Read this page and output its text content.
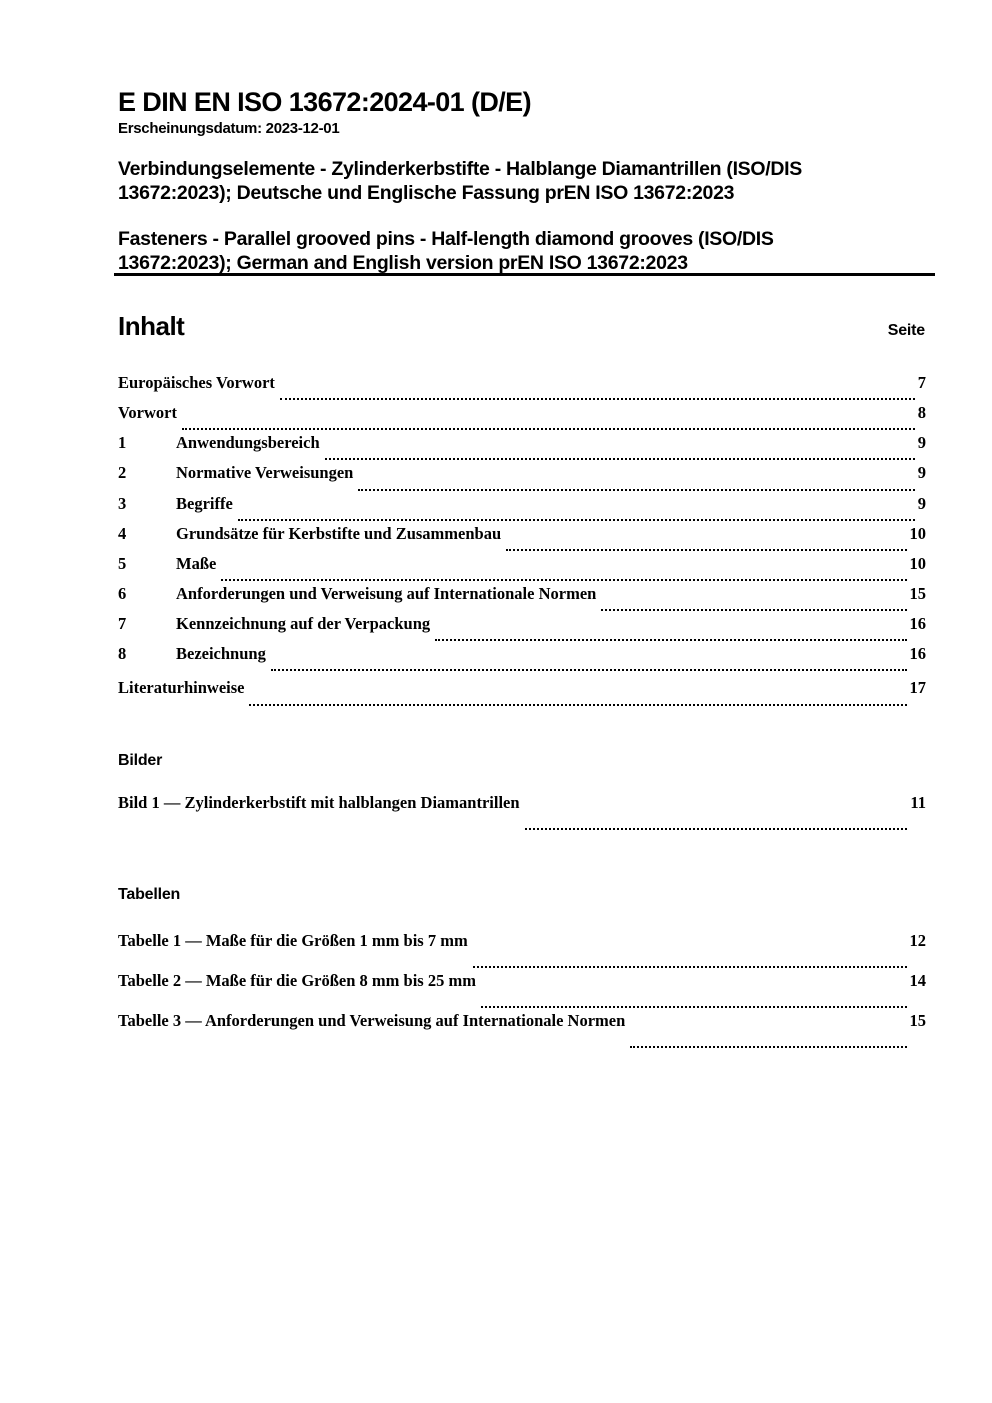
E DIN EN ISO 13672:2024-01 (D/E)
Erscheinungsdatum: 2023-12-01
Verbindungselemente - Zylinderkerbstifte - Halblange Diamantrillen (ISO/DIS
13672:2023); Deutsche und Englische Fassung prEN ISO 13672:2023
Fasteners - Parallel grooved pins - Half-length diamond grooves (ISO/DIS
13672:2023); German and English version prEN ISO 13672:2023
Inhalt	Seite
Europäisches Vorwort	7
Vorwort	8
1	Anwendungsbereich	9
2	Normative Verweisungen	9
3	Begriffe	9
4	Grundsätze für Kerbstifte und Zusammenbau	10
5	Maße	10
6	Anforderungen und Verweisung auf Internationale Normen	15
7	Kennzeichnung auf der Verpackung	16
8	Bezeichnung	16
Literaturhinweise	17
Bilder
Bild 1 — Zylinderkerbstift mit halblangen Diamantrillen	11
Tabellen
Tabelle 1 — Maße für die Größen 1 mm bis 7 mm	12
Tabelle 2 — Maße für die Größen 8 mm bis 25 mm	14
Tabelle 3 — Anforderungen und Verweisung auf Internationale Normen	15
